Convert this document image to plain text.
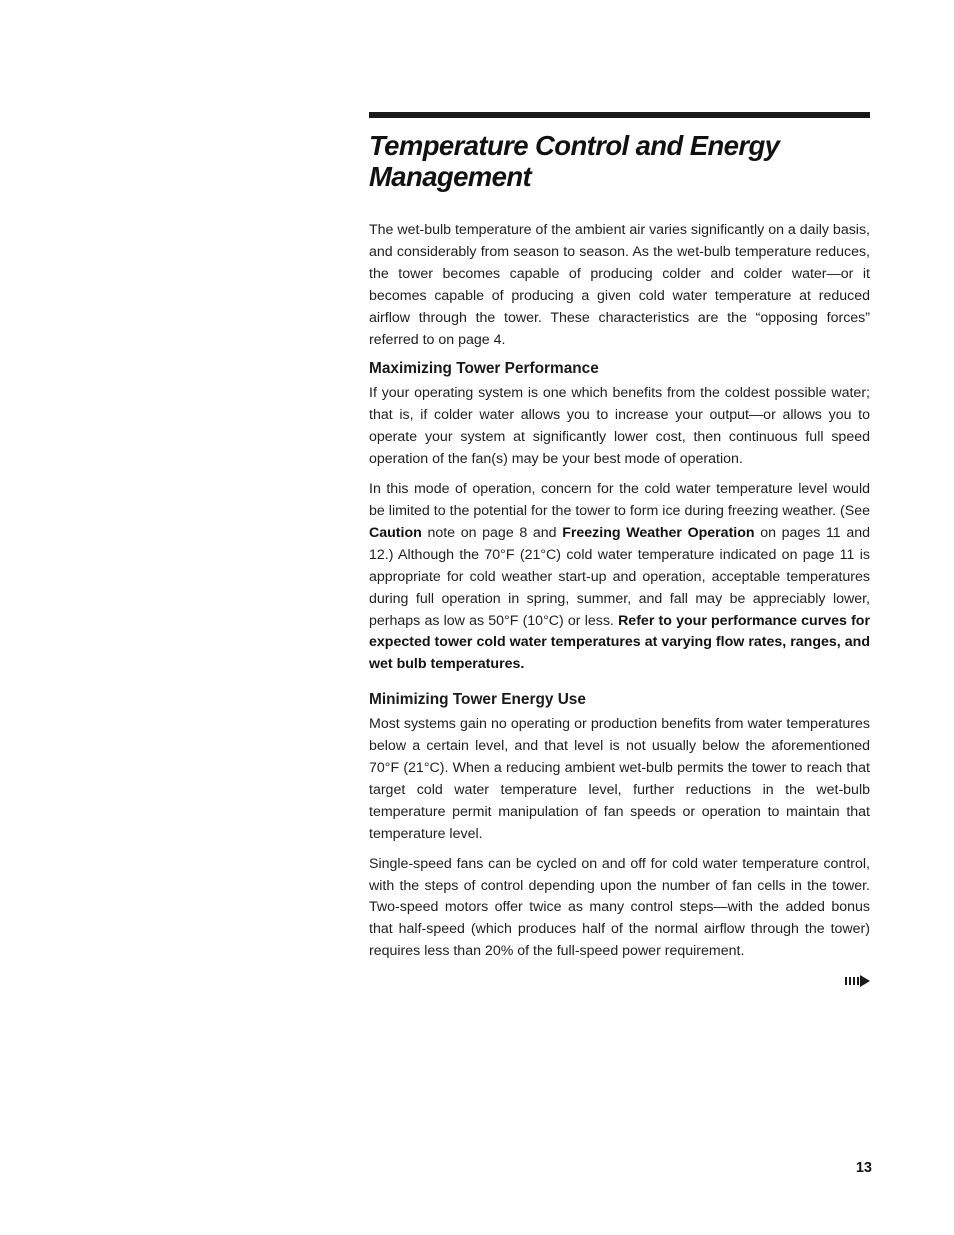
Temperature Control and Energy Management

The wet-bulb temperature of the ambient air varies significantly on a daily basis, and considerably from season to season. As the wet-bulb temperature reduces, the tower becomes capable of producing colder and colder water—or it becomes capable of producing a given cold water temperature at reduced airflow through the tower. These characteristics are the “opposing forces” referred to on page 4.

Maximizing Tower Performance

If your operating system is one which benefits from the coldest possible water; that is, if colder water allows you to increase your output—or allows you to operate your system at significantly lower cost, then continuous full speed operation of the fan(s) may be your best mode of operation.

In this mode of operation, concern for the cold water temperature level would be limited to the potential for the tower to form ice during freezing weather. (See Caution note on page 8 and Freezing Weather Operation on pages 11 and 12.) Although the 70°F (21°C) cold water temperature indicated on page 11 is appropriate for cold weather start-up and operation, acceptable temperatures during full operation in spring, summer, and fall may be appreciably lower, perhaps as low as 50°F (10°C) or less. Refer to your performance curves for expected tower cold water temperatures at varying flow rates, ranges, and wet bulb temperatures.

Minimizing Tower Energy Use

Most systems gain no operating or production benefits from water temperatures below a certain level, and that level is not usually below the aforementioned 70°F (21°C). When a reducing ambient wet-bulb permits the tower to reach that target cold water temperature level, further reductions in the wet-bulb temperature permit manipulation of fan speeds or operation to maintain that temperature level.

Single-speed fans can be cycled on and off for cold water temperature control, with the steps of control depending upon the number of fan cells in the tower. Two-speed motors offer twice as many control steps—with the added bonus that half-speed (which produces half of the normal airflow through the tower) requires less than 20% of the full-speed power requirement.

13
